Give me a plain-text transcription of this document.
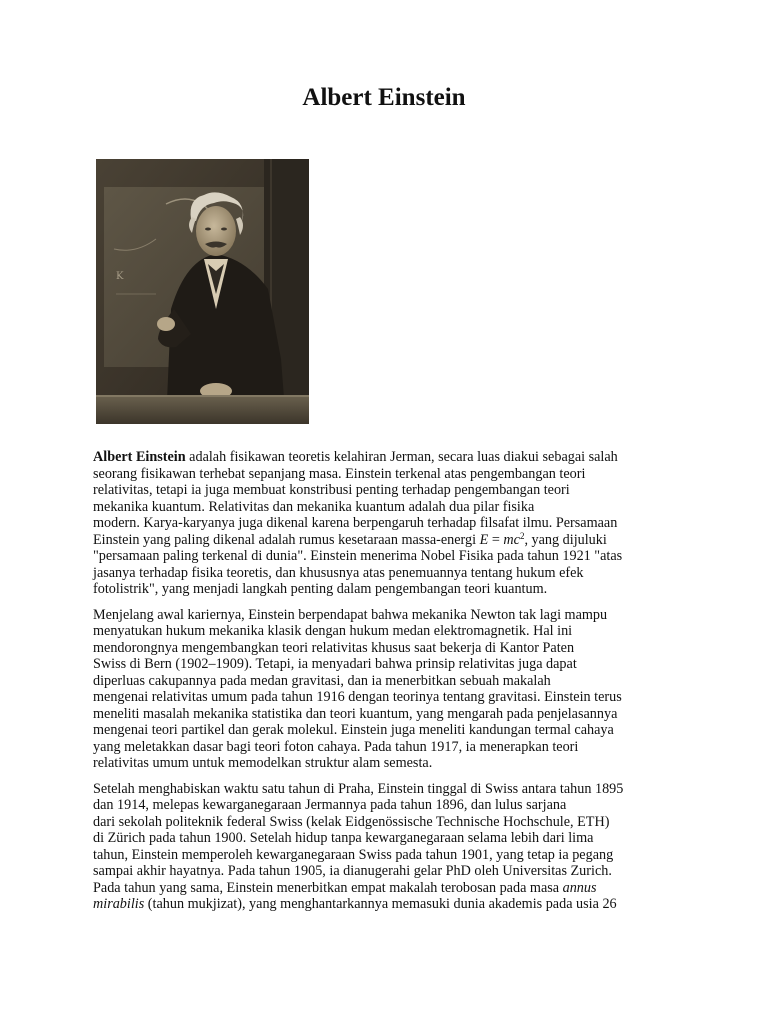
Albert Einstein
K

Albert Einstein adalah fisikawan teoretis kelahiran Jerman, secara luas diakui sebagai salah
seorang fisikawan terhebat sepanjang masa. Einstein terkenal atas pengembangan teori
relativitas, tetapi ia juga membuat konstribusi penting terhadap pengembangan teori
mekanika kuantum. Relativitas dan mekanika kuantum adalah dua pilar fisika
modern. Karya-karyanya juga dikenal karena berpengaruh terhadap filsafat ilmu. Persamaan
Einstein yang paling dikenal adalah rumus kesetaraan massa-energi $E = mc^2$, yang dijuluki
"persamaan paling terkenal di dunia". Einstein menerima Nobel Fisika pada tahun 1921 "atas
jasanya terhadap fisika teoretis, dan khususnya atas penemuannya tentang hukum efek
fotolistrik", yang menjadi langkah penting dalam pengembangan teori kuantum.

Menjelang awal kariernya, Einstein berpendapat bahwa mekanika Newton tak lagi mampu
menyatukan hukum mekanika klasik dengan hukum medan elektromagnetik. Hal ini
mendorongnya mengembangkan teori relativitas khusus saat bekerja di Kantor Paten
Swiss di Bern (1902–1909). Tetapi, ia menyadari bahwa prinsip relativitas juga dapat
diperluas cakupannya pada medan gravitasi, dan ia menerbitkan sebuah makalah
mengenai relativitas umum pada tahun 1916 dengan teorinya tentang gravitasi. Einstein terus
meneliti masalah mekanika statistika dan teori kuantum, yang mengarah pada penjelasannya
mengenai teori partikel dan gerak molekul. Einstein juga meneliti kandungan termal cahaya
yang meletakkan dasar bagi teori foton cahaya. Pada tahun 1917, ia menerapkan teori
relativitas umum untuk memodelkan struktur alam semesta.

Setelah menghabiskan waktu satu tahun di Praha, Einstein tinggal di Swiss antara tahun 1895
dan 1914, melepas kewarganegaraan Jermannya pada tahun 1896, dan lulus sarjana
dari sekolah politeknik federal Swiss (kelak Eidgenössische Technische Hochschule, ETH)
di Zürich pada tahun 1900. Setelah hidup tanpa kewarganegaraan selama lebih dari lima
tahun, Einstein memperoleh kewarganegaraan Swiss pada tahun 1901, yang tetap ia pegang
sampai akhir hayatnya. Pada tahun 1905, ia dianugerahi gelar PhD oleh Universitas Zurich.
Pada tahun yang sama, Einstein menerbitkan empat makalah terobosan pada masa annus
mirabilis (tahun mukjizat), yang menghantarkannya memasuki dunia akademis pada usia 26
